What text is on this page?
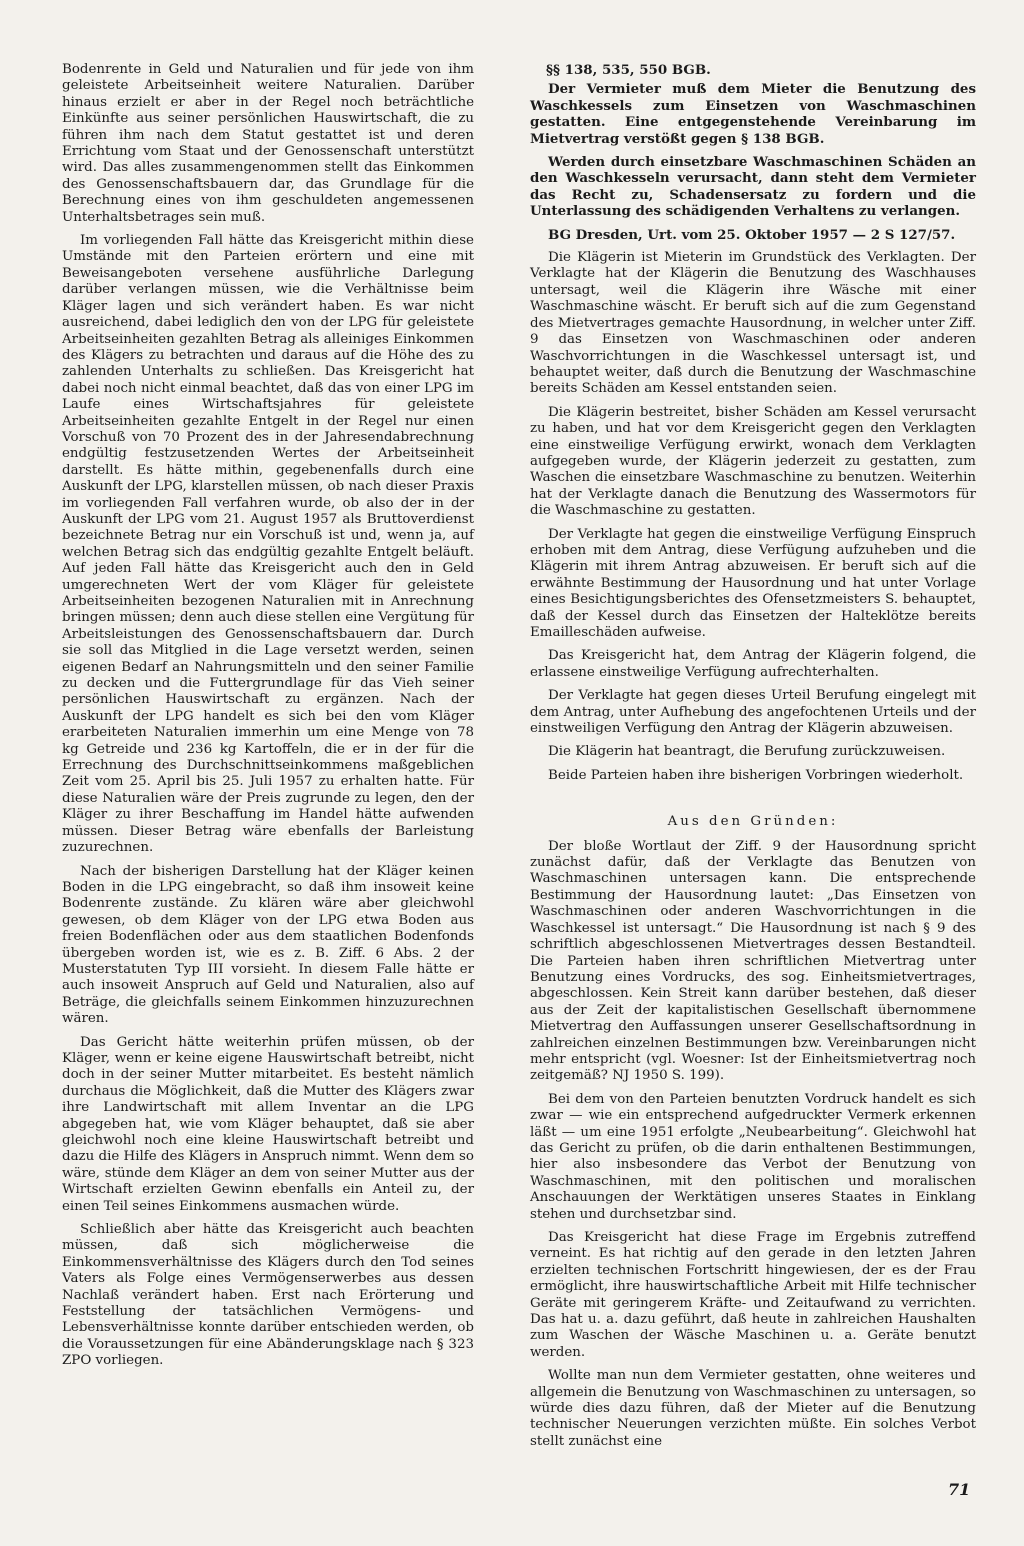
Bodenrente in Geld und Naturalien und für jede von ihm geleistete Arbeitseinheit weitere Naturalien. Darüber hinaus erzielt er aber in der Regel noch beträchtliche Einkünfte aus seiner persönlichen Hauswirtschaft, die zu führen ihm nach dem Statut gestattet ist und deren Errichtung vom Staat und der Genossenschaft unterstützt wird. Das alles zusammengenommen stellt das Einkommen des Genossenschaftsbauern dar, das Grundlage für die Berechnung eines von ihm geschuldeten angemessenen Unterhaltsbetrages sein muß.

Im vorliegenden Fall hätte das Kreisgericht mithin diese Umstände mit den Parteien erörtern und eine mit Beweisangeboten versehene ausführliche Darlegung darüber verlangen müssen, wie die Verhältnisse beim Kläger lagen und sich verändert haben. Es war nicht ausreichend, dabei lediglich den von der LPG für geleistete Arbeitseinheiten gezahlten Betrag als alleiniges Einkommen des Klägers zu betrachten und daraus auf die Höhe des zu zahlenden Unterhalts zu schließen. Das Kreisgericht hat dabei noch nicht einmal beachtet, daß das von einer LPG im Laufe eines Wirtschaftsjahres für geleistete Arbeitseinheiten gezahlte Entgelt in der Regel nur einen Vorschuß von 70 Prozent des in der Jahresendabrechnung endgültig festzusetzenden Wertes der Arbeitseinheit darstellt. Es hätte mithin, gegebenenfalls durch eine Auskunft der LPG, klarstellen müssen, ob nach dieser Praxis im vorliegenden Fall verfahren wurde, ob also der in der Auskunft der LPG vom 21. August 1957 als Bruttoverdienst bezeichnete Betrag nur ein Vorschuß ist und, wenn ja, auf welchen Betrag sich das endgültig gezahlte Entgelt beläuft. Auf jeden Fall hätte das Kreisgericht auch den in Geld umgerechneten Wert der vom Kläger für geleistete Arbeitseinheiten bezogenen Naturalien mit in Anrechnung bringen müssen; denn auch diese stellen eine Vergütung für Arbeitsleistungen des Genossenschaftsbauern dar. Durch sie soll das Mitglied in die Lage versetzt werden, seinen eigenen Bedarf an Nahrungsmitteln und den seiner Familie zu decken und die Futtergrundlage für das Vieh seiner persönlichen Hauswirtschaft zu ergänzen. Nach der Auskunft der LPG handelt es sich bei den vom Kläger erarbeiteten Naturalien immerhin um eine Menge von 78 kg Getreide und 236 kg Kartoffeln, die er in der für die Errechnung des Durchschnittseinkommens maßgeblichen Zeit vom 25. April bis 25. Juli 1957 zu erhalten hatte. Für diese Naturalien wäre der Preis zugrunde zu legen, den der Kläger zu ihrer Beschaffung im Handel hätte aufwenden müssen. Dieser Betrag wäre ebenfalls der Barleistung zuzurechnen.

Nach der bisherigen Darstellung hat der Kläger keinen Boden in die LPG eingebracht, so daß ihm insoweit keine Bodenrente zustände. Zu klären wäre aber gleichwohl gewesen, ob dem Kläger von der LPG etwa Boden aus freien Bodenflächen oder aus dem staatlichen Bodenfonds übergeben worden ist, wie es z. B. Ziff. 6 Abs. 2 der Musterstatuten Typ III vorsieht. In diesem Falle hätte er auch insoweit Anspruch auf Geld und Naturalien, also auf Beträge, die gleichfalls seinem Einkommen hinzuzurechnen wären.

Das Gericht hätte weiterhin prüfen müssen, ob der Kläger, wenn er keine eigene Hauswirtschaft betreibt, nicht doch in der seiner Mutter mitarbeitet. Es besteht nämlich durchaus die Möglichkeit, daß die Mutter des Klägers zwar ihre Landwirtschaft mit allem Inventar an die LPG abgegeben hat, wie vom Kläger behauptet, daß sie aber gleichwohl noch eine kleine Hauswirtschaft betreibt und dazu die Hilfe des Klägers in Anspruch nimmt. Wenn dem so wäre, stünde dem Kläger an dem von seiner Mutter aus der Wirtschaft erzielten Gewinn ebenfalls ein Anteil zu, der einen Teil seines Einkommens ausmachen würde.

Schließlich aber hätte das Kreisgericht auch beachten müssen, daß sich möglicherweise die Einkommensverhältnisse des Klägers durch den Tod seines Vaters als Folge eines Vermögenserwerbes aus dessen Nachlaß verändert haben. Erst nach Erörterung und Feststellung der tatsächlichen Vermögens- und Lebensverhältnisse konnte darüber entschieden werden, ob die Voraussetzungen für eine Abänderungsklage nach § 323 ZPO vorliegen.

§§ 138, 535, 550 BGB.

Der Vermieter muß dem Mieter die Benutzung des Waschkessels zum Einsetzen von Waschmaschinen gestatten. Eine entgegenstehende Vereinbarung im Mietvertrag verstößt gegen § 138 BGB.

Werden durch einsetzbare Waschmaschinen Schäden an den Waschkesseln verursacht, dann steht dem Vermieter das Recht zu, Schadensersatz zu fordern und die Unterlassung des schädigenden Verhaltens zu verlangen.

BG Dresden, Urt. vom 25. Oktober 1957 — 2 S 127/57.

Die Klägerin ist Mieterin im Grundstück des Verklagten. Der Verklagte hat der Klägerin die Benutzung des Waschhauses untersagt, weil die Klägerin ihre Wäsche mit einer Waschmaschine wäscht. Er beruft sich auf die zum Gegenstand des Mietvertrages gemachte Hausordnung, in welcher unter Ziff. 9 das Einsetzen von Waschmaschinen oder anderen Waschvorrichtungen in die Waschkessel untersagt ist, und behauptet weiter, daß durch die Benutzung der Waschmaschine bereits Schäden am Kessel entstanden seien.

Die Klägerin bestreitet, bisher Schäden am Kessel verursacht zu haben, und hat vor dem Kreisgericht gegen den Verklagten eine einstweilige Verfügung erwirkt, wonach dem Verklagten aufgegeben wurde, der Klägerin jederzeit zu gestatten, zum Waschen die einsetzbare Waschmaschine zu benutzen. Weiterhin hat der Verklagte danach die Benutzung des Wassermotors für die Waschmaschine zu gestatten.

Der Verklagte hat gegen die einstweilige Verfügung Einspruch erhoben mit dem Antrag, diese Verfügung aufzuheben und die Klägerin mit ihrem Antrag abzuweisen. Er beruft sich auf die erwähnte Bestimmung der Hausordnung und hat unter Vorlage eines Besichtigungsberichtes des Ofensetzmeisters S. behauptet, daß der Kessel durch das Einsetzen der Halteklötze bereits Emailleschäden aufweise.

Das Kreisgericht hat, dem Antrag der Klägerin folgend, die erlassene einstweilige Verfügung aufrechterhalten.

Der Verklagte hat gegen dieses Urteil Berufung eingelegt mit dem Antrag, unter Aufhebung des angefochtenen Urteils und der einstweiligen Verfügung den Antrag der Klägerin abzuweisen.

Die Klägerin hat beantragt, die Berufung zurückzuweisen.

Beide Parteien haben ihre bisherigen Vorbringen wiederholt.

Aus den Gründen:

Der bloße Wortlaut der Ziff. 9 der Hausordnung spricht zunächst dafür, daß der Verklagte das Benutzen von Waschmaschinen untersagen kann. Die entsprechende Bestimmung der Hausordnung lautet: „Das Einsetzen von Waschmaschinen oder anderen Waschvorrichtungen in die Waschkessel ist untersagt.“ Die Hausordnung ist nach § 9 des schriftlich abgeschlossenen Mietvertrages dessen Bestandteil. Die Parteien haben ihren schriftlichen Mietvertrag unter Benutzung eines Vordrucks, des sog. Einheitsmietvertrages, abgeschlossen. Kein Streit kann darüber bestehen, daß dieser aus der Zeit der kapitalistischen Gesellschaft übernommene Mietvertrag den Auffassungen unserer Gesellschaftsordnung in zahlreichen einzelnen Bestimmungen bzw. Vereinbarungen nicht mehr entspricht (vgl. Woesner: Ist der Einheitsmietvertrag noch zeitgemäß? NJ 1950 S. 199).

Bei dem von den Parteien benutzten Vordruck handelt es sich zwar — wie ein entsprechend aufgedruckter Vermerk erkennen läßt — um eine 1951 erfolgte „Neubearbeitung“. Gleichwohl hat das Gericht zu prüfen, ob die darin enthaltenen Bestimmungen, hier also insbesondere das Verbot der Benutzung von Waschmaschinen, mit den politischen und moralischen Anschauungen der Werktätigen unseres Staates in Einklang stehen und durchsetzbar sind.

Das Kreisgericht hat diese Frage im Ergebnis zutreffend verneint. Es hat richtig auf den gerade in den letzten Jahren erzielten technischen Fortschritt hingewiesen, der es der Frau ermöglicht, ihre hauswirtschaftliche Arbeit mit Hilfe technischer Geräte mit geringerem Kräfte- und Zeitaufwand zu verrichten. Das hat u. a. dazu geführt, daß heute in zahlreichen Haushalten zum Waschen der Wäsche Maschinen u. a. Geräte benutzt werden.

Wollte man nun dem Vermieter gestatten, ohne weiteres und allgemein die Benutzung von Waschmaschinen zu untersagen, so würde dies dazu führen, daß der Mieter auf die Benutzung technischer Neuerungen verzichten müßte. Ein solches Verbot stellt zunächst eine

71
